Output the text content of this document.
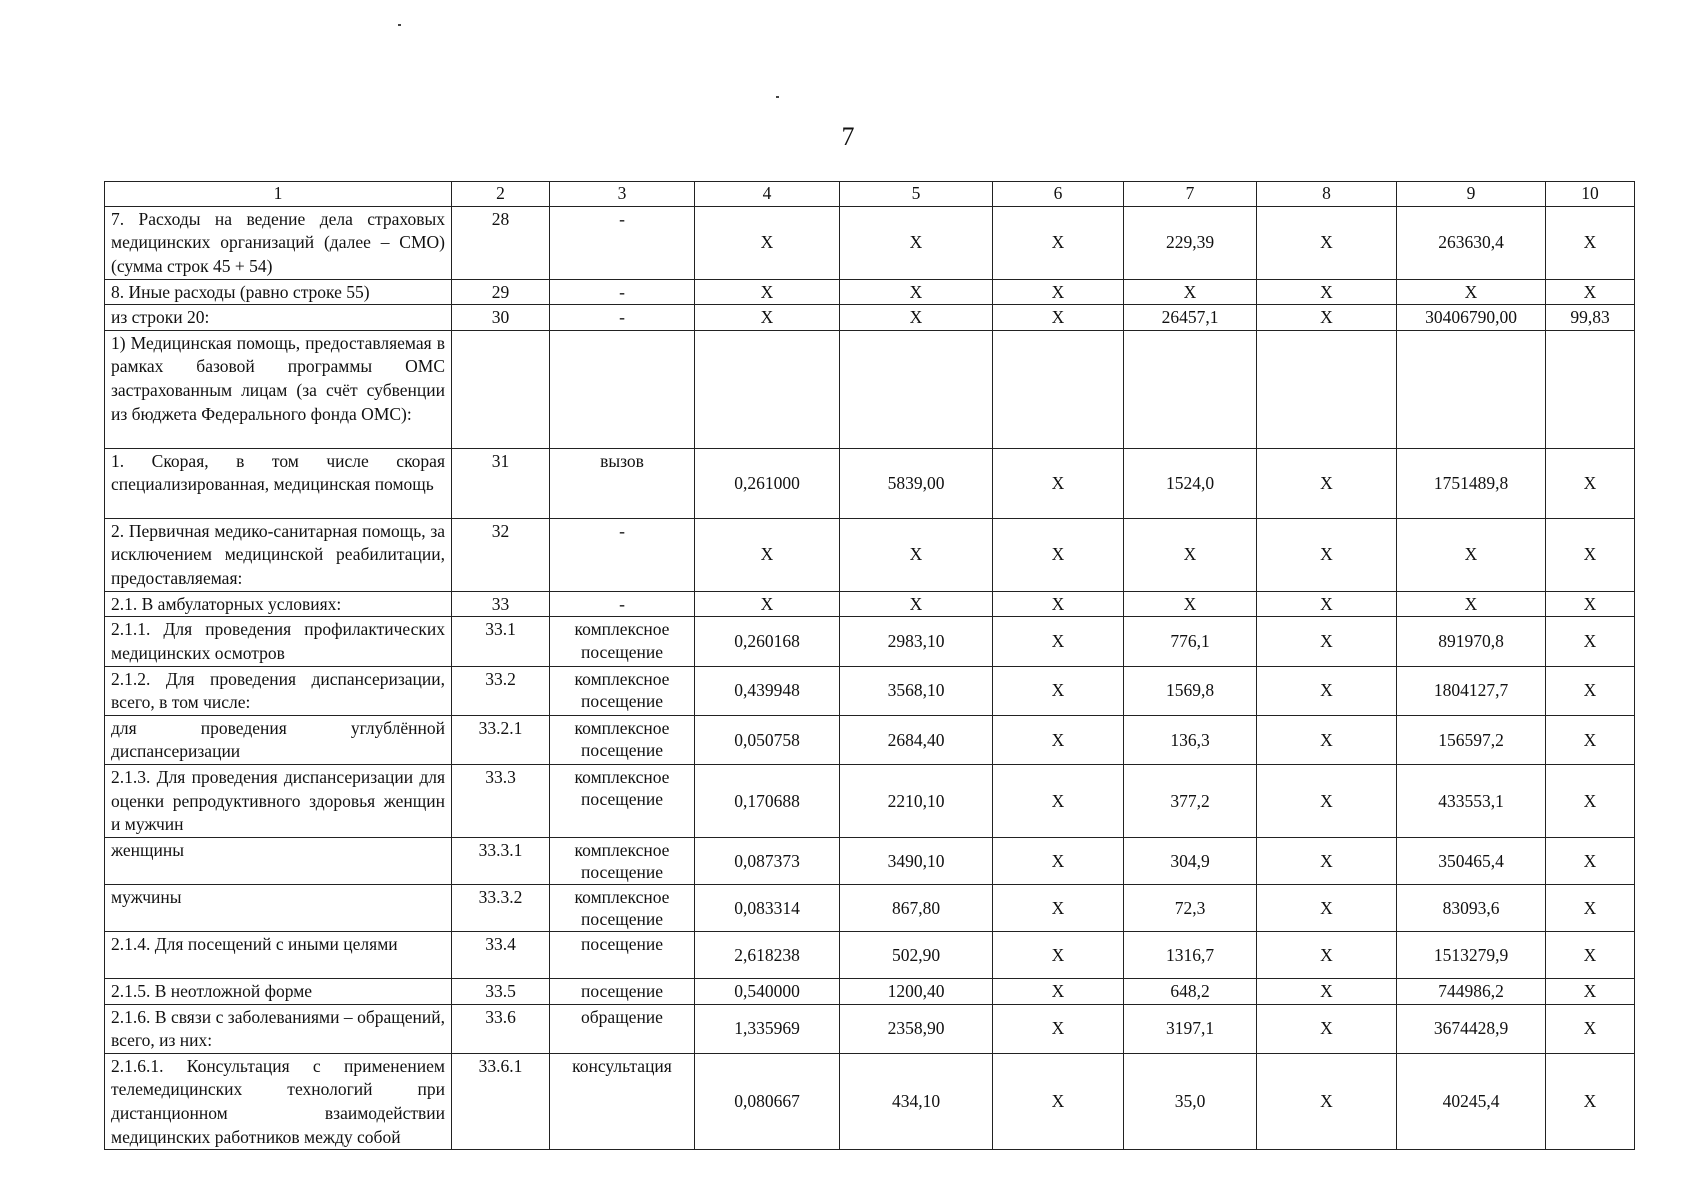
7
1	2	3	4	5	6	7	8	9	10
7. Расходы на ведение дела страховых медицинских организаций (далее – СМО) (сумма строк 45 + 54)	28	-	X	X	X	229,39	X	263630,4	X
8. Иные расходы (равно строке 55)	29	-	X	X	X	X	X	X	X
из строки 20:	30	-	X	X	X	26457,1	X	30406790,00	99,83
1) Медицинская помощь, предоставляемая в рамках базовой программы ОМС застрахованным лицам (за счёт субвенции из бюджета Федерального фонда ОМС):									
1. Скорая, в том числе скорая специализированная, медицинская помощь	31	вызов	0,261000	5839,00	X	1524,0	X	1751489,8	X
2. Первичная медико-санитарная помощь, за исключением медицинской реабилитации, предоставляемая:	32	-	X	X	X	X	X	X	X
2.1. В амбулаторных условиях:	33	-	X	X	X	X	X	X	X
2.1.1. Для проведения профилактических медицинских осмотров	33.1	комплексное посещение	0,260168	2983,10	X	776,1	X	891970,8	X
2.1.2. Для проведения диспансеризации, всего, в том числе:	33.2	комплексное посещение	0,439948	3568,10	X	1569,8	X	1804127,7	X
для проведения углублённой диспансеризации	33.2.1	комплексное посещение	0,050758	2684,40	X	136,3	X	156597,2	X
2.1.3. Для проведения диспансеризации для оценки репродуктивного здоровья женщин и мужчин	33.3	комплексное посещение	0,170688	2210,10	X	377,2	X	433553,1	X
женщины	33.3.1	комплексное посещение	0,087373	3490,10	X	304,9	X	350465,4	X
мужчины	33.3.2	комплексное посещение	0,083314	867,80	X	72,3	X	83093,6	X
2.1.4. Для посещений с иными целями	33.4	посещение	2,618238	502,90	X	1316,7	X	1513279,9	X
2.1.5. В неотложной форме	33.5	посещение	0,540000	1200,40	X	648,2	X	744986,2	X
2.1.6. В связи с заболеваниями – обращений, всего, из них:	33.6	обращение	1,335969	2358,90	X	3197,1	X	3674428,9	X
2.1.6.1. Консультация с применением телемедицинских технологий при дистанционном взаимодействии медицинских работников между собой	33.6.1	консультация	0,080667	434,10	X	35,0	X	40245,4	X
